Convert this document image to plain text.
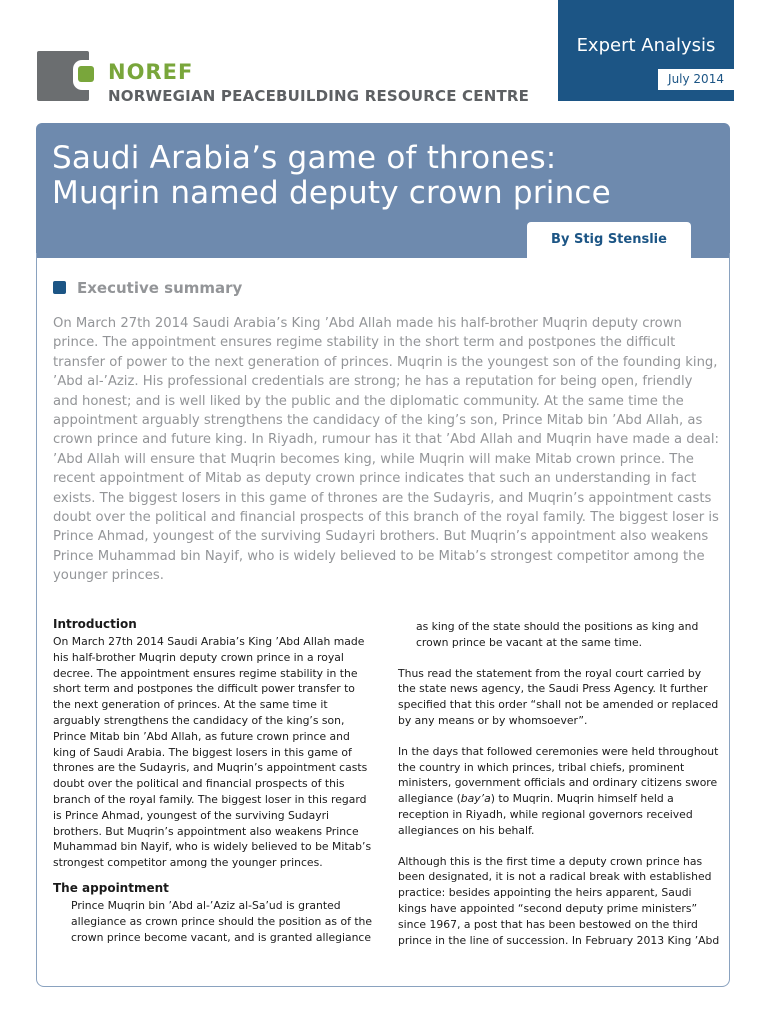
NOREF
NORWEGIAN PEACEBUILDING RESOURCE CENTRE
Expert Analysis
July 2014
Saudi Arabia’s game of thrones:
Muqrin named deputy crown prince
By Stig Stenslie
Executive summary

On March 27th 2014 Saudi Arabia’s King ’Abd Allah made his half-brother Muqrin deputy crown prince. The appointment ensures regime stability in the short term and postpones the difficult transfer of power to the next generation of princes. Muqrin is the youngest son of the founding king, ’Abd al-’Aziz. His professional credentials are strong; he has a reputation for being open, friendly and honest; and is well liked by the public and the diplomatic community. At the same time the appointment arguably strengthens the candidacy of the king’s son, Prince Mitab bin ’Abd Allah, as crown prince and future king. In Riyadh, rumour has it that ’Abd Allah and Muqrin have made a deal: ’Abd Allah will ensure that Muqrin becomes king, while Muqrin will make Mitab crown prince. The recent appointment of Mitab as deputy crown prince indicates that such an understanding in fact exists. The biggest losers in this game of thrones are the Sudayris, and Muqrin’s appointment casts doubt over the political and financial prospects of this branch of the royal family. The biggest loser is Prince Ahmad, youngest of the surviving Sudayri brothers. But Muqrin’s appointment also weakens Prince Muhammad bin Nayif, who is widely believed to be Mitab’s strongest competitor among the younger princes.

Introduction

On March 27th 2014 Saudi Arabia’s King ’Abd Allah made his half-brother Muqrin deputy crown prince in a royal decree. The appointment ensures regime stability in the short term and postpones the difficult power transfer to the next generation of princes. At the same time it arguably strengthens the candidacy of the king’s son, Prince Mitab bin ’Abd Allah, as future crown prince and king of Saudi Arabia. The biggest losers in this game of thrones are the Sudayris, and Muqrin’s appointment casts doubt over the political and financial prospects of this branch of the royal family. The biggest loser in this regard is Prince Ahmad, youngest of the surviving Sudayri brothers. But Muqrin’s appointment also weakens Prince Muhammad bin Nayif, who is widely believed to be Mitab’s strongest competitor among the younger princes.

The appointment

Prince Muqrin bin ’Abd al-’Aziz al-Sa’ud is granted allegiance as crown prince should the position as of the crown prince become vacant, and is granted allegiance

as king of the state should the positions as king and crown prince be vacant at the same time.

Thus read the statement from the royal court carried by the state news agency, the Saudi Press Agency. It further specified that this order “shall not be amended or replaced by any means or by whomsoever”.

In the days that followed ceremonies were held throughout the country in which princes, tribal chiefs, prominent ministers, government officials and ordinary citizens swore allegiance (bay’a) to Muqrin. Muqrin himself held a reception in Riyadh, while regional governors received allegiances on his behalf.

Although this is the first time a deputy crown prince has been designated, it is not a radical break with established practice: besides appointing the heirs apparent, Saudi kings have appointed “second deputy prime ministers” since 1967, a post that has been bestowed on the third prince in the line of succession. In February 2013 King ’Abd
